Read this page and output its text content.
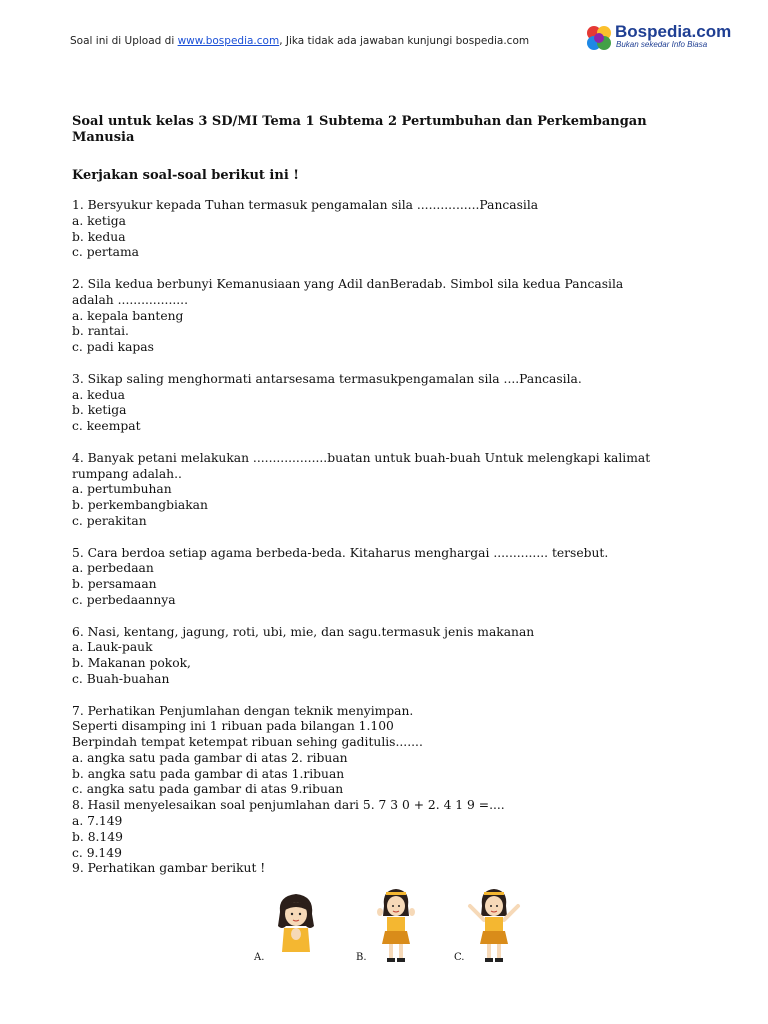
Soal ini di Upload di www.bospedia.com, Jika tidak ada jawaban kunjungi bospedia.com	Bospedia.com
Bukan sekedar Info Biasa

Soal untuk kelas 3 SD/MI Tema 1 Subtema 2 Pertumbuhan dan Perkembangan Manusia

Kerjakan soal-soal berikut ini !

1. Bersyukur kepada Tuhan termasuk pengamalan sila ................Pancasila
a. ketiga
b. kedua
c. pertama
2. Sila kedua berbunyi Kemanusiaan yang Adil danBeradab. Simbol sila kedua Pancasila
adalah ..................
a. kepala banteng
b. rantai.
c. padi kapas
3. Sikap saling menghormati antarsesama termasukpengamalan sila ....Pancasila.
a. kedua
b. ketiga
c. keempat
4. Banyak petani melakukan ...................buatan untuk buah-buah Untuk melengkapi kalimat
rumpang adalah..
a. pertumbuhan
b. perkembangbiakan
c. perakitan
5. Cara berdoa setiap agama berbeda-beda. Kitaharus menghargai .............. tersebut.
a. perbedaan
b. persamaan
c. perbedaannya
6. Nasi, kentang, jagung, roti, ubi, mie, dan sagu.termasuk jenis makanan
a. Lauk-pauk
b. Makanan pokok,
c. Buah-buahan
7. Perhatikan Penjumlahan dengan teknik menyimpan.
Seperti disamping ini 1 ribuan pada bilangan 1.100
Berpindah tempat ketempat ribuan sehing gaditulis.......
a. angka satu pada gambar di atas 2. ribuan
b. angka satu pada gambar di atas 1.ribuan
c. angka satu pada gambar di atas 9.ribuan
8. Hasil menyelesaikan soal penjumlahan dari 5. 7 3 0 + 2. 4 1 9 =....
a. 7.149
b. 8.149
c. 9.149
9. Perhatikan gambar berikut !
A.	B.	C.
